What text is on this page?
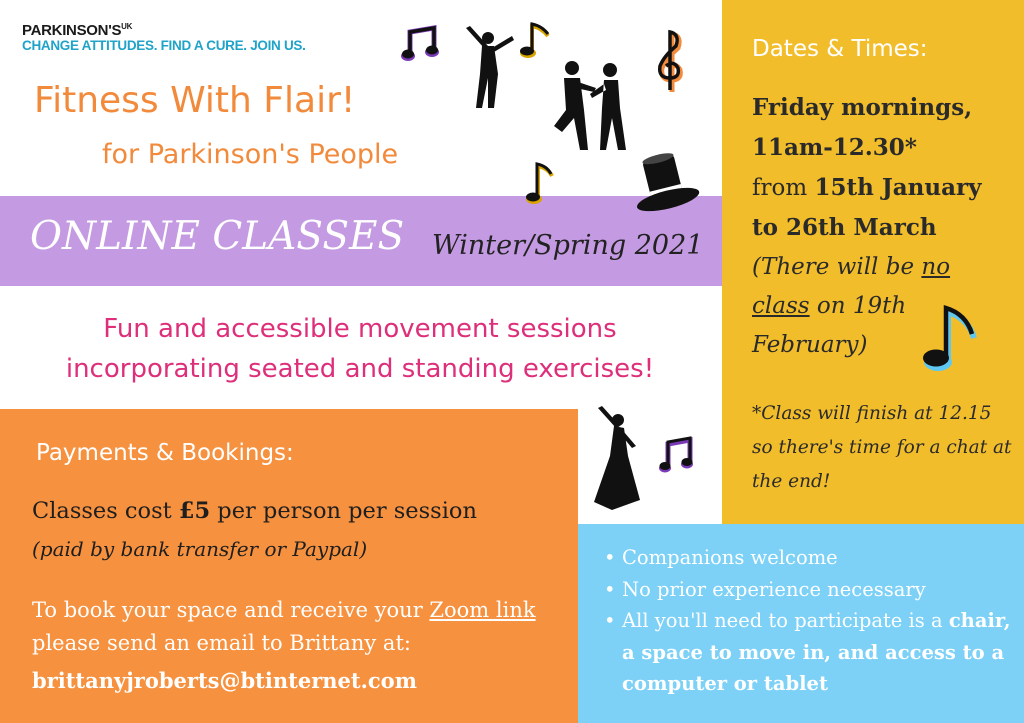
$PARKINSON'S^{UK}$
CHANGE ATTITUDES. FIND A CURE. JOIN US.
Fitness With Flair!
for Parkinson's People
ONLINE CLASSES Winter/Spring 2021
Fun and accessible movement sessions
incorporating seated and standing exercises!
Dates & Times:
Friday mornings,
11am-12.30*
from 15th January
to 26th March
(There will be no
class on 19th February)
*Class will finish at 12.15 so there's time for a chat at the end!
Payments & Bookings:
Classes cost £5 per person per session
(paid by bank transfer or Paypal)
To book your space and receive your Zoom link please send an email to Brittany at:
brittanyjroberts@btinternet.com
• Companions welcome
• No prior experience necessary
• All you'll need to participate is a chair, a space to move in, and access to a computer or tablet
